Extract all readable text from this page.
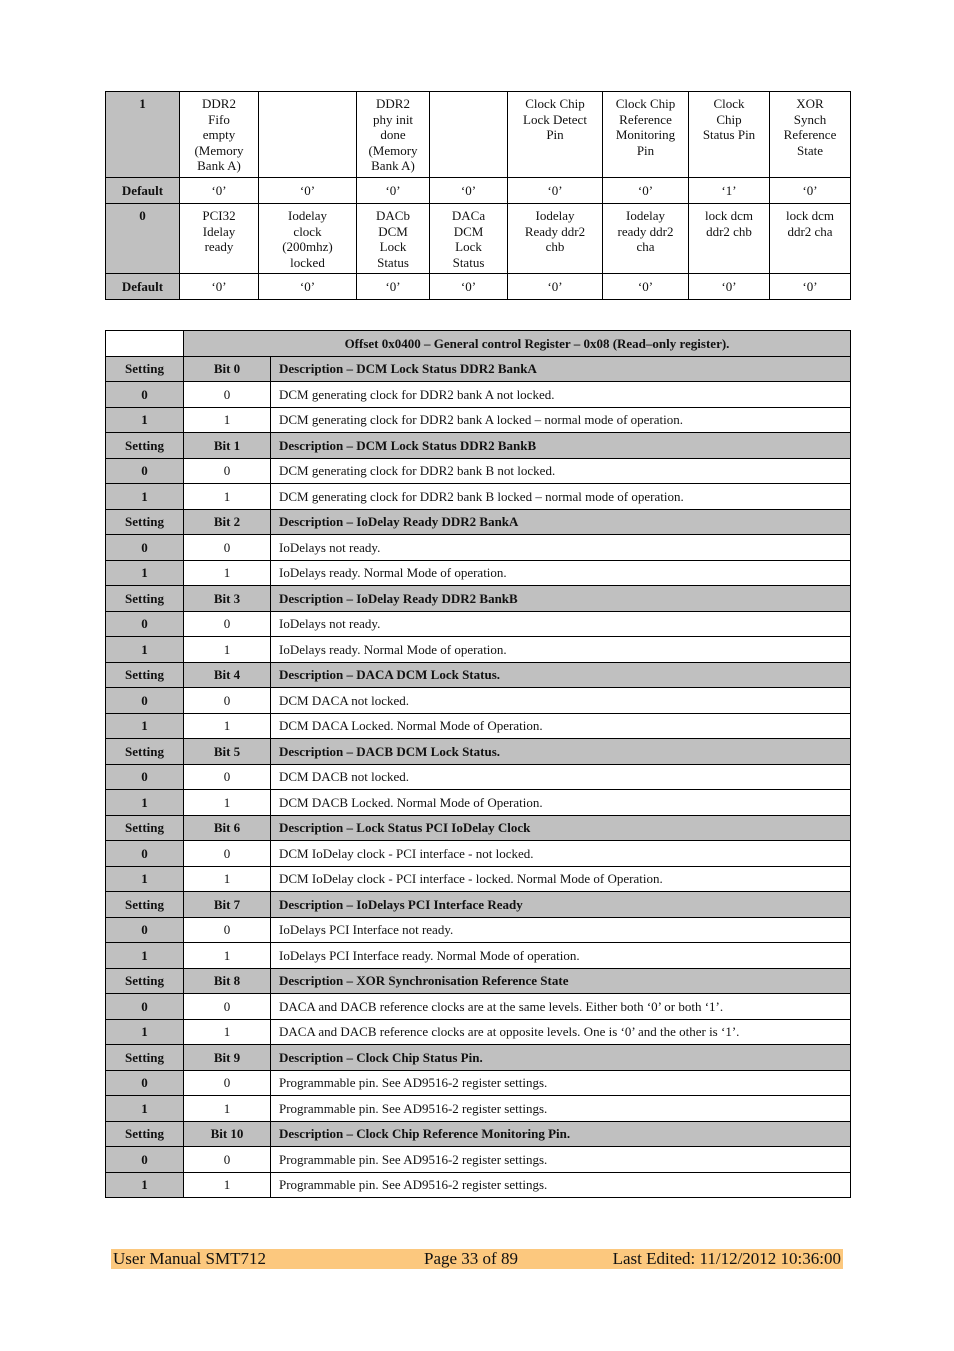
1	DDR2
Fifo
empty
(Memory
Bank A)		DDR2
phy init
done
(Memory
Bank A)		Clock Chip
Lock Detect
Pin	Clock Chip
Reference
Monitoring
Pin	Clock
Chip
Status Pin	XOR
Synch
Reference
State
Default	‘0’	‘0’	‘0’	‘0’	‘0’	‘0’	‘1’	‘0’
0	PCI32
Idelay
ready	Iodelay
clock
(200mhz)
locked	DACb
DCM
Lock
Status	DACa
DCM
Lock
Status	Iodelay
Ready ddr2
chb	Iodelay
ready ddr2
cha	lock dcm
ddr2 chb	lock dcm
ddr2 cha
Default	‘0’	‘0’	‘0’	‘0’	‘0’	‘0’	‘0’	‘0’
	Offset 0x0400 – General control Register – 0x08 (Read–only register).	
Setting	Bit 0	Description – DCM Lock Status DDR2 BankA
0	0	DCM generating clock for DDR2 bank A not locked.
1	1	DCM generating clock for DDR2 bank A locked – normal mode of operation.
Setting	Bit 1	Description – DCM Lock Status DDR2 BankB
0	0	DCM generating clock for DDR2 bank B not locked.
1	1	DCM generating clock for DDR2 bank B locked – normal mode of operation.
Setting	Bit 2	Description – IoDelay Ready DDR2 BankA
0	0	IoDelays not ready.
1	1	IoDelays ready. Normal Mode of operation.
Setting	Bit 3	Description – IoDelay Ready DDR2 BankB
0	0	IoDelays not ready.
1	1	IoDelays ready. Normal Mode of operation.
Setting	Bit 4	Description – DACA DCM Lock Status.
0	0	DCM DACA not locked.
1	1	DCM DACA Locked. Normal Mode of Operation.
Setting	Bit 5	Description – DACB DCM Lock Status.
0	0	DCM DACB not locked.
1	1	DCM DACB Locked. Normal Mode of Operation.
Setting	Bit 6	Description – Lock Status PCI IoDelay Clock
0	0	DCM IoDelay clock - PCI interface - not locked.
1	1	DCM IoDelay clock - PCI interface - locked. Normal Mode of Operation.
Setting	Bit 7	Description – IoDelays PCI Interface Ready
0	0	IoDelays PCI Interface not ready.
1	1	IoDelays PCI Interface ready. Normal Mode of operation.
Setting	Bit 8	Description – XOR Synchronisation Reference State
0	0	DACA and DACB reference clocks are at the same levels. Either both ‘0’ or both ‘1’.
1	1	DACA and DACB reference clocks are at opposite levels. One is ‘0’ and the other is ‘1’.
Setting	Bit 9	Description – Clock Chip Status Pin.
0	0	Programmable pin. See AD9516-2 register settings.
1	1	Programmable pin. See AD9516-2 register settings.
Setting	Bit 10	Description – Clock Chip Reference Monitoring Pin.
0	0	Programmable pin. See AD9516-2 register settings.
1	1	Programmable pin. See AD9516-2 register settings.
User Manual SMT712	Page 33 of 89	Last Edited: 11/12/2012 10:36:00
